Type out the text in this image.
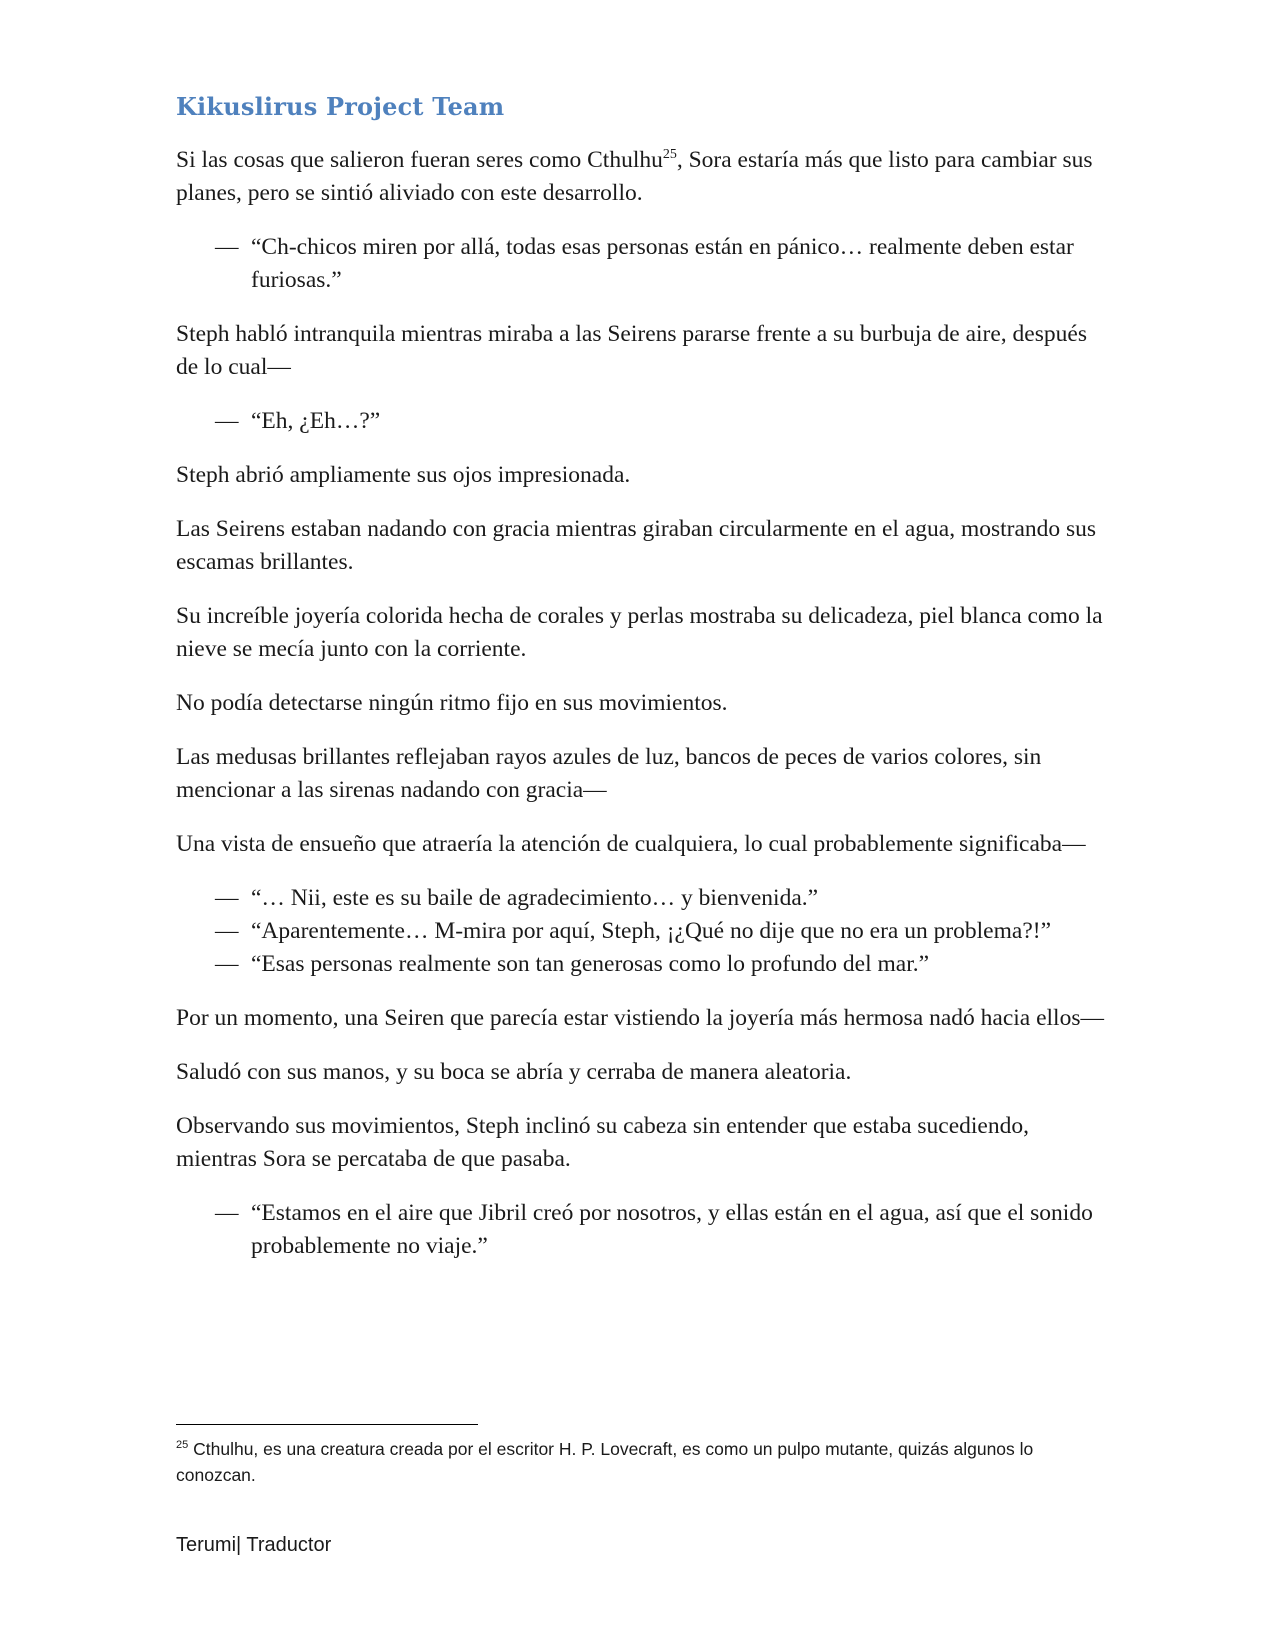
Kikuslirus Project Team

Si las cosas que salieron fueran seres como Cthulhu$^{25}$, Sora estaría más que listo para cambiar sus planes, pero se sintió aliviado con este desarrollo.

— “Ch-chicos miren por allá, todas esas personas están en pánico… realmente deben estar furiosas.”

Steph habló intranquila mientras miraba a las Seirens pararse frente a su burbuja de aire, después de lo cual—

— “Eh, ¿Eh…?”

Steph abrió ampliamente sus ojos impresionada.

Las Seirens estaban nadando con gracia mientras giraban circularmente en el agua, mostrando sus escamas brillantes.

Su increíble joyería colorida hecha de corales y perlas mostraba su delicadeza, piel blanca como la nieve se mecía junto con la corriente.

No podía detectarse ningún ritmo fijo en sus movimientos.

Las medusas brillantes reflejaban rayos azules de luz, bancos de peces de varios colores, sin mencionar a las sirenas nadando con gracia—

Una vista de ensueño que atraería la atención de cualquiera, lo cual probablemente significaba—

— “… Nii, este es su baile de agradecimiento… y bienvenida.”
— “Aparentemente… M-mira por aquí, Steph, ¡¿Qué no dije que no era un problema?!”
— “Esas personas realmente son tan generosas como lo profundo del mar.”

Por un momento, una Seiren que parecía estar vistiendo la joyería más hermosa nadó hacia ellos—

Saludó con sus manos, y su boca se abría y cerraba de manera aleatoria.

Observando sus movimientos, Steph inclinó su cabeza sin entender que estaba sucediendo, mientras Sora se percataba de que pasaba.

— “Estamos en el aire que Jibril creó por nosotros, y ellas están en el agua, así que el sonido probablemente no viaje.”
$^{25}$ Cthulhu, es una creatura creada por el escritor H. P. Lovecraft, es como un pulpo mutante, quizás algunos lo conozcan.
Terumi| Traductor
